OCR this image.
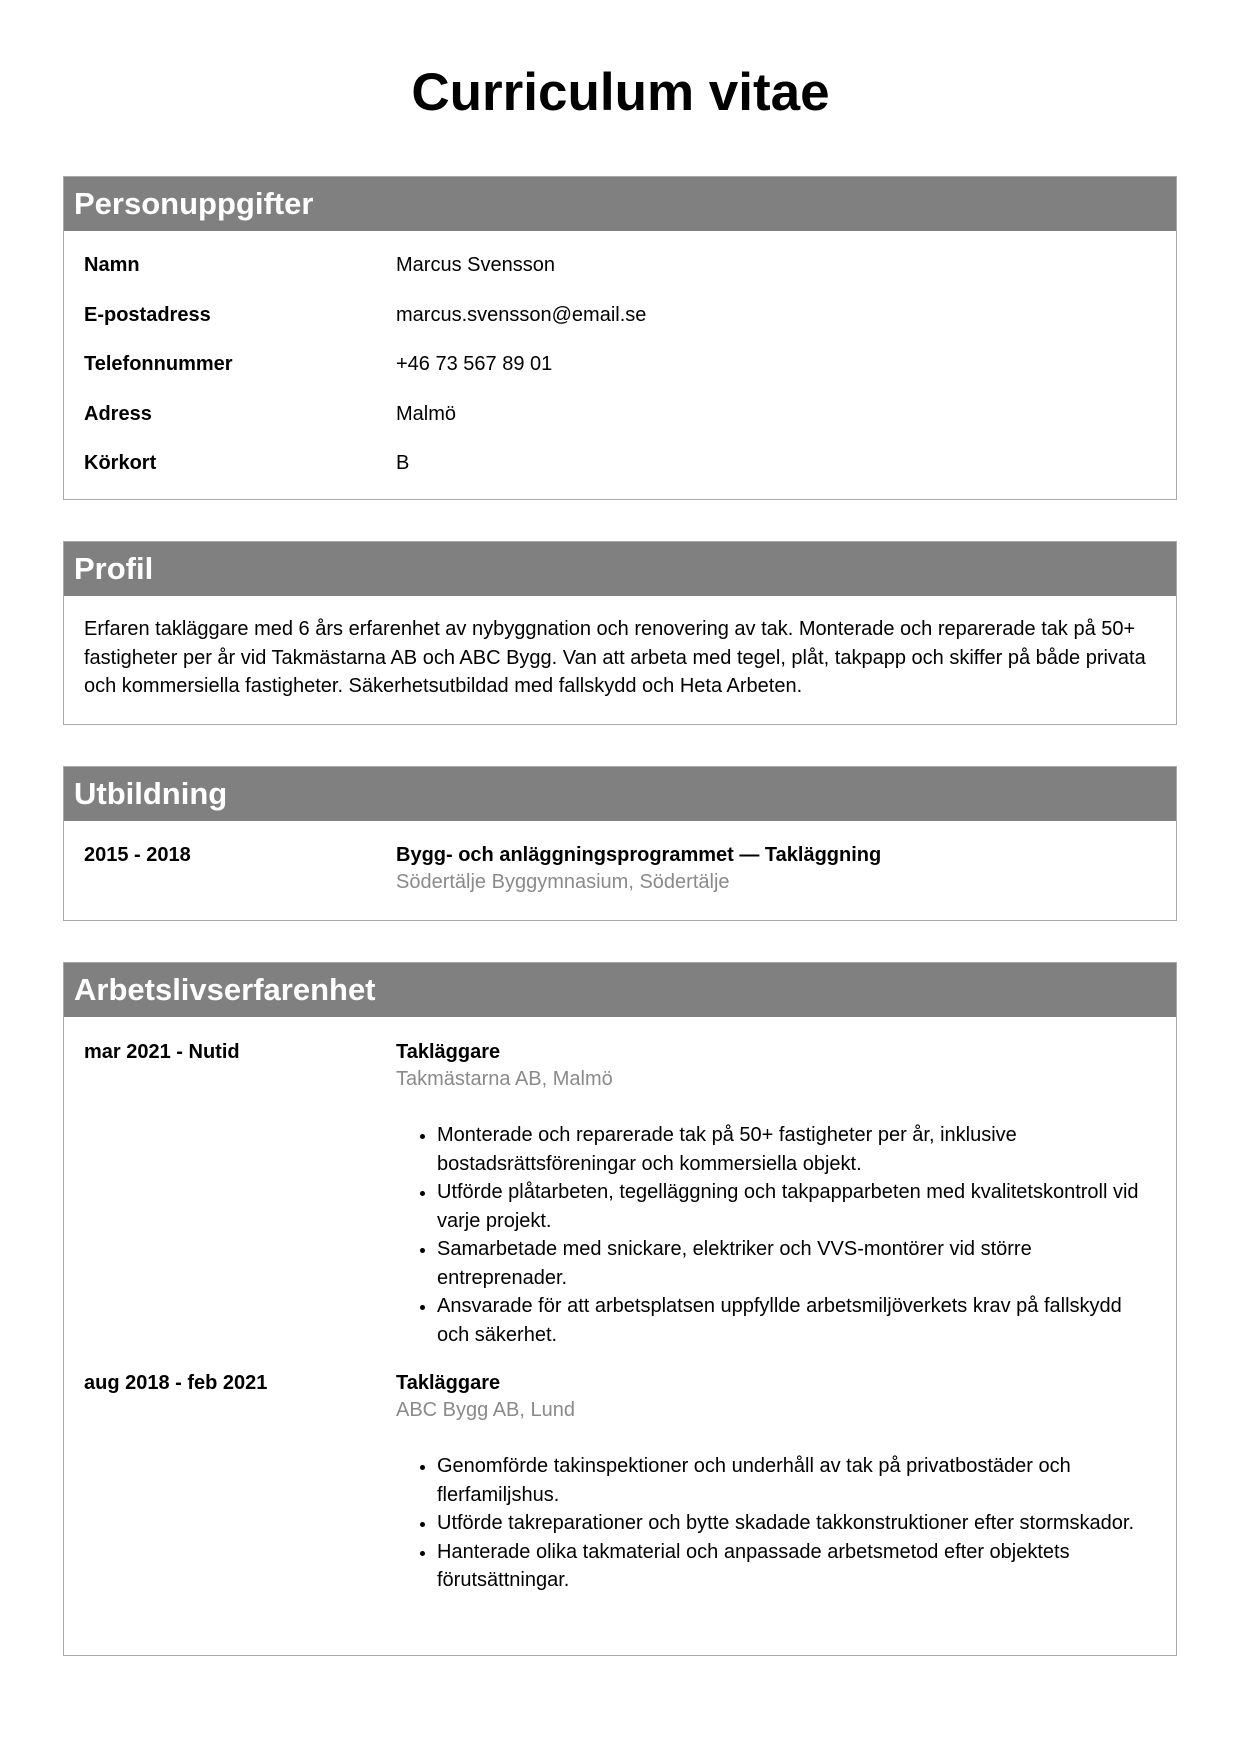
Curriculum vitae
Personuppgifter
Namn	Marcus Svensson
E-postadress	marcus.svensson@email.se
Telefonnummer	+46 73 567 89 01
Adress	Malmö
Körkort	B
Profil
Erfaren takläggare med 6 års erfarenhet av nybyggnation och renovering av tak. Monterade och reparerade tak på 50+ fastigheter per år vid Takmästarna AB och ABC Bygg. Van att arbeta med tegel, plåt, takpapp och skiffer på både privata och kommersiella fastigheter. Säkerhetsutbildad med fallskydd och Heta Arbeten.
Utbildning
2015 - 2018	Bygg- och anläggningsprogrammet — Takläggning
Södertälje Byggymnasium, Södertälje
Arbetslivserfarenhet
mar 2021 - Nutid	Takläggare
Takmästarna AB, Malmö
• Monterade och reparerade tak på 50+ fastigheter per år, inklusive bostadsrättsföreningar och kommersiella objekt.
• Utförde plåtarbeten, tegelläggning och takpapparbeten med kvalitetskontroll vid varje projekt.
• Samarbetade med snickare, elektriker och VVS-montörer vid större entreprenader.
• Ansvarade för att arbetsplatsen uppfyllde arbetsmiljöverkets krav på fallskydd och säkerhet.
aug 2018 - feb 2021	Takläggare
ABC Bygg AB, Lund
• Genomförde takinspektioner och underhåll av tak på privatbostäder och flerfamiljshus.
• Utförde takreparationer och bytte skadade takkonstruktioner efter stormskador.
• Hanterade olika takmaterial och anpassade arbetsmetod efter objektets förutsättningar.
